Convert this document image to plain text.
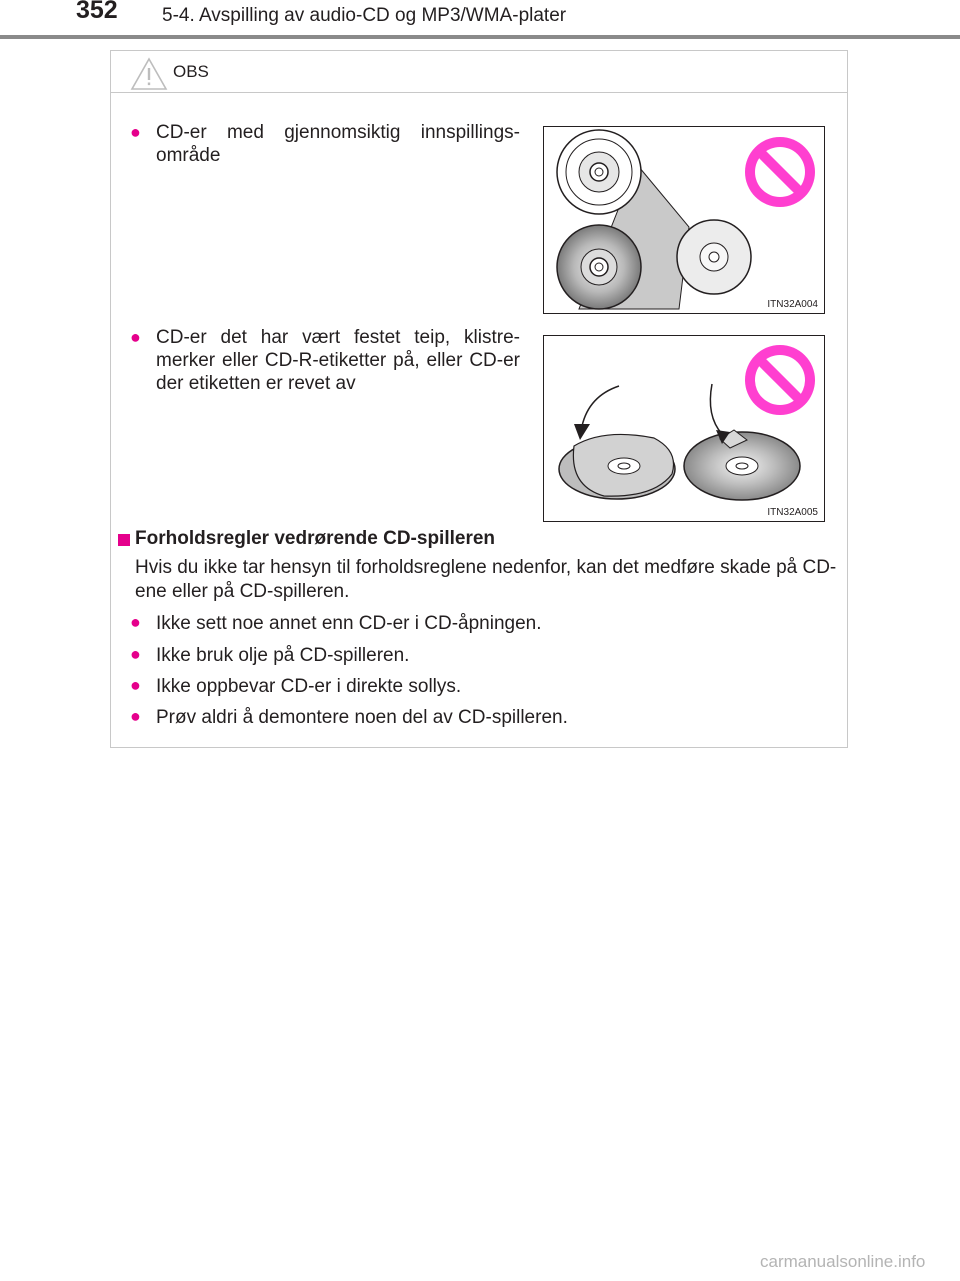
352 5-4. Avspilling av audio-CD og MP3/WMA-plater
OBS
● CD-er med gjennomsiktig innspillings-område
ITN32A004
● CD-er det har vært festet teip, klistre-merker eller CD-R-etiketter på, eller CD-er der etiketten er revet av
ITN32A005
Forholdsregler vedrørende CD-spilleren
Hvis du ikke tar hensyn til forholdsreglene nedenfor, kan det medføre skade på CD-ene eller på CD-spilleren.
● Ikke sett noe annet enn CD-er i CD-åpningen.
● Ikke bruk olje på CD-spilleren.
● Ikke oppbevar CD-er i direkte sollys.
● Prøv aldri å demontere noen del av CD-spilleren.
carmanualsonline.info
